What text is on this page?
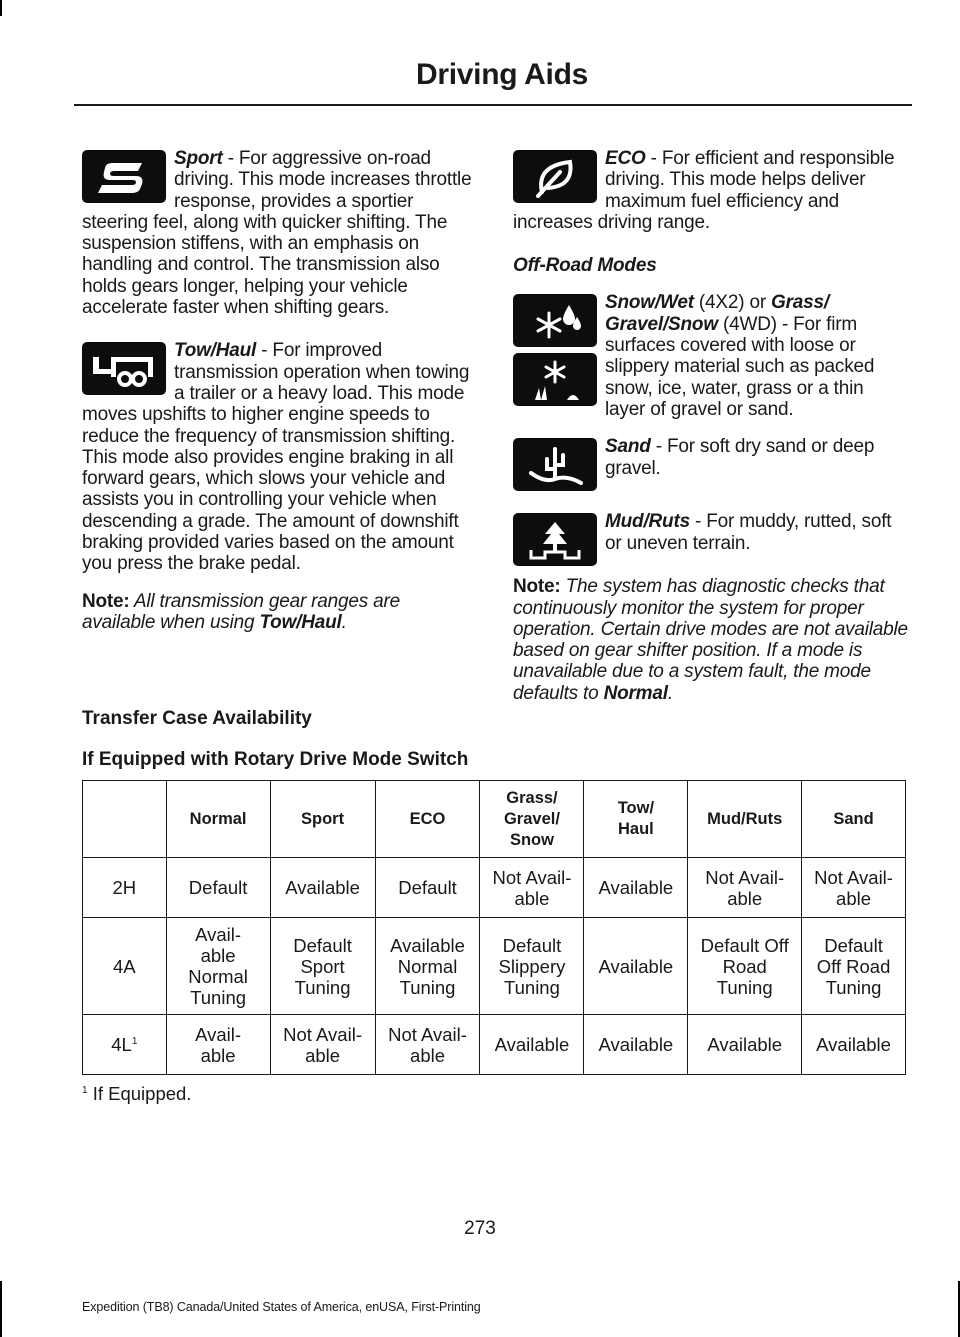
Driving Aids
Sport - For aggressive on-road driving. This mode increases throttle response, provides a sportier steering feel, along with quicker shifting. The suspension stiffens, with an emphasis on handling and control. The transmission also holds gears longer, helping your vehicle accelerate faster when shifting gears.
Tow/Haul - For improved transmission operation when towing a trailer or a heavy load. This mode moves upshifts to higher engine speeds to reduce the frequency of transmission shifting. This mode also provides engine braking in all forward gears, which slows your vehicle and assists you in controlling your vehicle when descending a grade. The amount of downshift braking provided varies based on the amount you press the brake pedal.
Note: All transmission gear ranges are available when using Tow/Haul.
ECO - For efficient and responsible driving. This mode helps deliver maximum fuel efficiency and increases driving range.
Off-Road Modes
Snow/Wet (4X2) or Grass/ Gravel/Snow (4WD) - For firm surfaces covered with loose or slippery material such as packed snow, ice, water, grass or a thin layer of gravel or sand.
Sand - For soft dry sand or deep gravel.
Mud/Ruts - For muddy, rutted, soft or uneven terrain.
Note: The system has diagnostic checks that continuously monitor the system for proper operation. Certain drive modes are not available based on gear shifter position. If a mode is unavailable due to a system fault, the mode defaults to Normal.
Transfer Case Availability
If Equipped with Rotary Drive Mode Switch
	Normal	Sport	ECO	Grass/ Gravel/ Snow	Tow/ Haul	Mud/Ruts	Sand
2H	Default	Available	Default	Not Avail- able	Available	Not Avail- able	Not Avail- able
4A	Avail- able Normal Tuning	Default Sport Tuning	Available Normal Tuning	Default Slippery Tuning	Available	Default Off Road Tuning	Default Off Road Tuning
$4L^1$	Avail- able	Not Avail- able	Not Avail- able	Available	Available	Available	Available
$^1$ If Equipped.
273
Expedition (TB8) Canada/United States of America, enUSA, First-Printing
